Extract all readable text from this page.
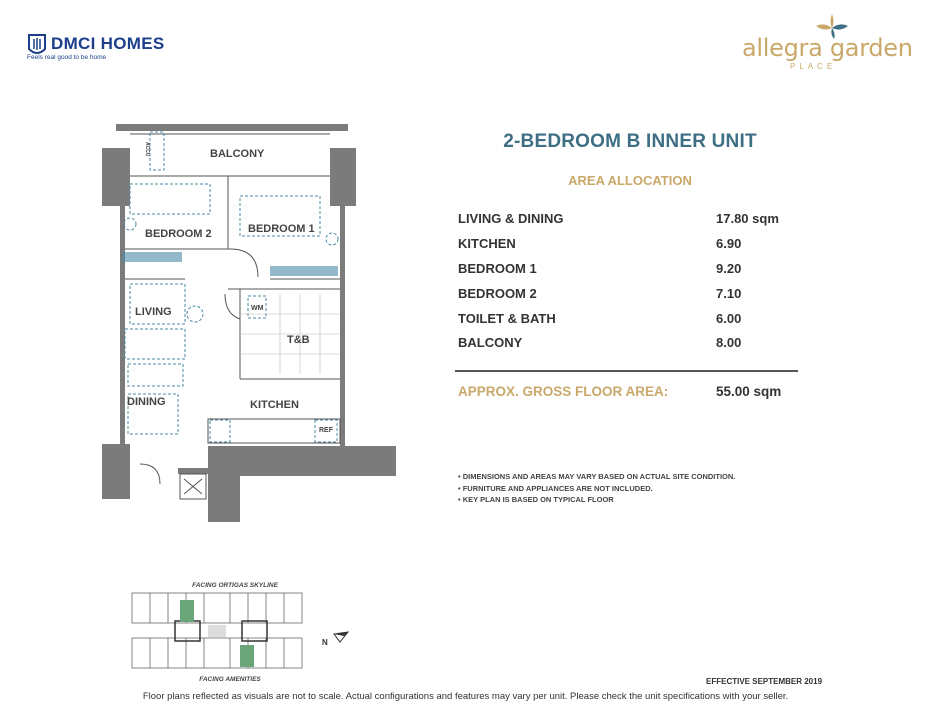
DMCI HOMES
Feels real good to be home	allegra garden
PLACE
BALCONY
BEDROOM 2	BEDROOM 1
LIVING
DINING
T&B
KITCHEN
WM
REF
ACCU	2-BEDROOM B INNER UNIT
AREA ALLOCATION
LIVING & DINING	17.80 sqm
KITCHEN	6.90
BEDROOM 1	9.20
BEDROOM 2	7.10
TOILET & BATH	6.00
BALCONY	8.00
APPROX. GROSS FLOOR AREA:	55.00 sqm
• DIMENSIONS AND AREAS MAY VARY BASED ON ACTUAL SITE CONDITION.
• FURNITURE AND APPLIANCES ARE NOT INCLUDED.
• KEY PLAN IS BASED ON TYPICAL FLOOR
FACING ORTIGAS SKYLINE
FACING AMENITIES
N
EFFECTIVE SEPTEMBER 2019
Floor plans reflected as visuals are not to scale. Actual configurations and features may vary per unit. Please check the unit specifications with your seller.
